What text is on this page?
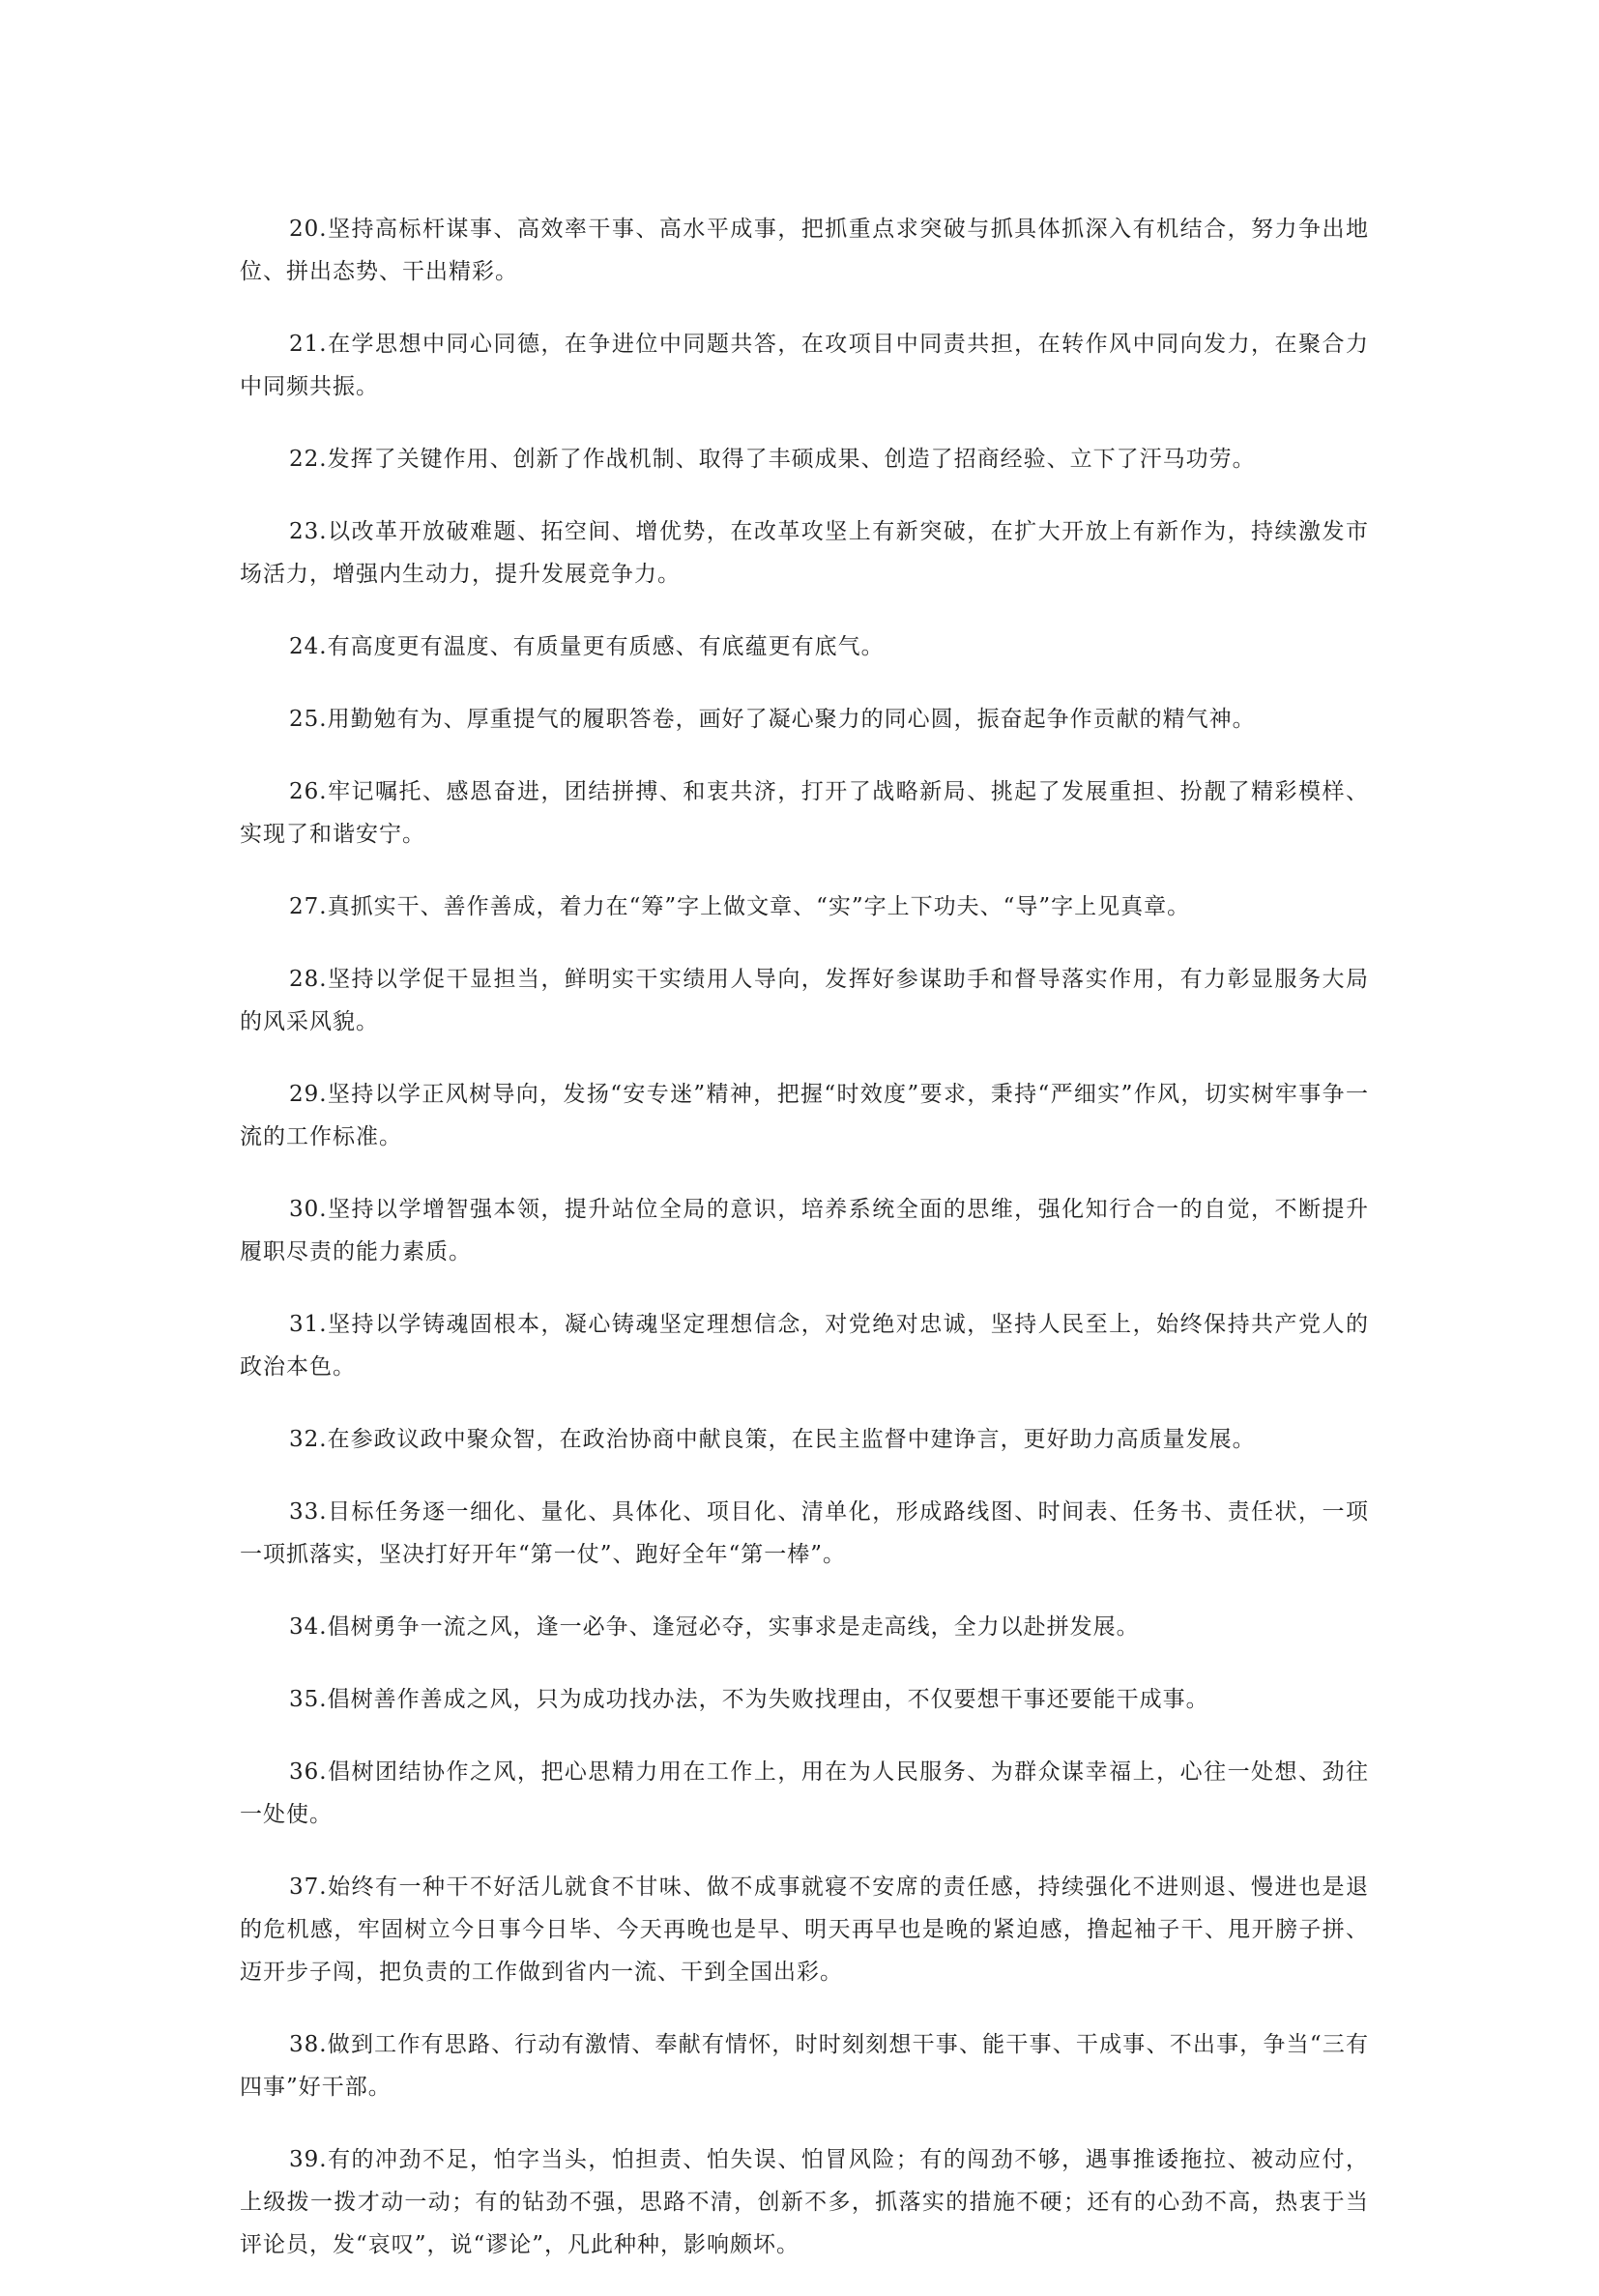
20.坚持高标杆谋事、高效率干事、高水平成事，把抓重点求突破与抓具体抓深入有机结合，努力争出地位、拼出态势、干出精彩。

21.在学思想中同心同德，在争进位中同题共答，在攻项目中同责共担，在转作风中同向发力，在聚合力中同频共振。

22.发挥了关键作用、创新了作战机制、取得了丰硕成果、创造了招商经验、立下了汗马功劳。

23.以改革开放破难题、拓空间、增优势，在改革攻坚上有新突破，在扩大开放上有新作为，持续激发市场活力，增强内生动力，提升发展竞争力。

24.有高度更有温度、有质量更有质感、有底蕴更有底气。

25.用勤勉有为、厚重提气的履职答卷，画好了凝心聚力的同心圆，振奋起争作贡献的精气神。

26.牢记嘱托、感恩奋进，团结拼搏、和衷共济，打开了战略新局、挑起了发展重担、扮靓了精彩模样、实现了和谐安宁。

27.真抓实干、善作善成，着力在“筹”字上做文章、“实”字上下功夫、“导”字上见真章。

28.坚持以学促干显担当，鲜明实干实绩用人导向，发挥好参谋助手和督导落实作用，有力彰显服务大局的风采风貌。

29.坚持以学正风树导向，发扬“安专迷”精神，把握“时效度”要求，秉持“严细实”作风，切实树牢事争一流的工作标准。

30.坚持以学增智强本领，提升站位全局的意识，培养系统全面的思维，强化知行合一的自觉，不断提升履职尽责的能力素质。

31.坚持以学铸魂固根本，凝心铸魂坚定理想信念，对党绝对忠诚，坚持人民至上，始终保持共产党人的政治本色。

32.在参政议政中聚众智，在政治协商中献良策，在民主监督中建诤言，更好助力高质量发展。

33.目标任务逐一细化、量化、具体化、项目化、清单化，形成路线图、时间表、任务书、责任状，一项一项抓落实，坚决打好开年“第一仗”、跑好全年“第一棒”。

34.倡树勇争一流之风，逢一必争、逢冠必夺，实事求是走高线，全力以赴拼发展。

35.倡树善作善成之风，只为成功找办法，不为失败找理由，不仅要想干事还要能干成事。

36.倡树团结协作之风，把心思精力用在工作上，用在为人民服务、为群众谋幸福上，心往一处想、劲往一处使。

37.始终有一种干不好活儿就食不甘味、做不成事就寝不安席的责任感，持续强化不进则退、慢进也是退的危机感，牢固树立今日事今日毕、今天再晚也是早、明天再早也是晚的紧迫感，撸起袖子干、甩开膀子拼、迈开步子闯，把负责的工作做到省内一流、干到全国出彩。

38.做到工作有思路、行动有激情、奉献有情怀，时时刻刻想干事、能干事、干成事、不出事，争当“三有四事”好干部。

39.有的冲劲不足，怕字当头，怕担责、怕失误、怕冒风险；有的闯劲不够，遇事推诿拖拉、被动应付，上级拨一拨才动一动；有的钻劲不强，思路不清，创新不多，抓落实的措施不硬；还有的心劲不高，热衷于当评论员，发“哀叹”，说“谬论”，凡此种种，影响颇坏。
